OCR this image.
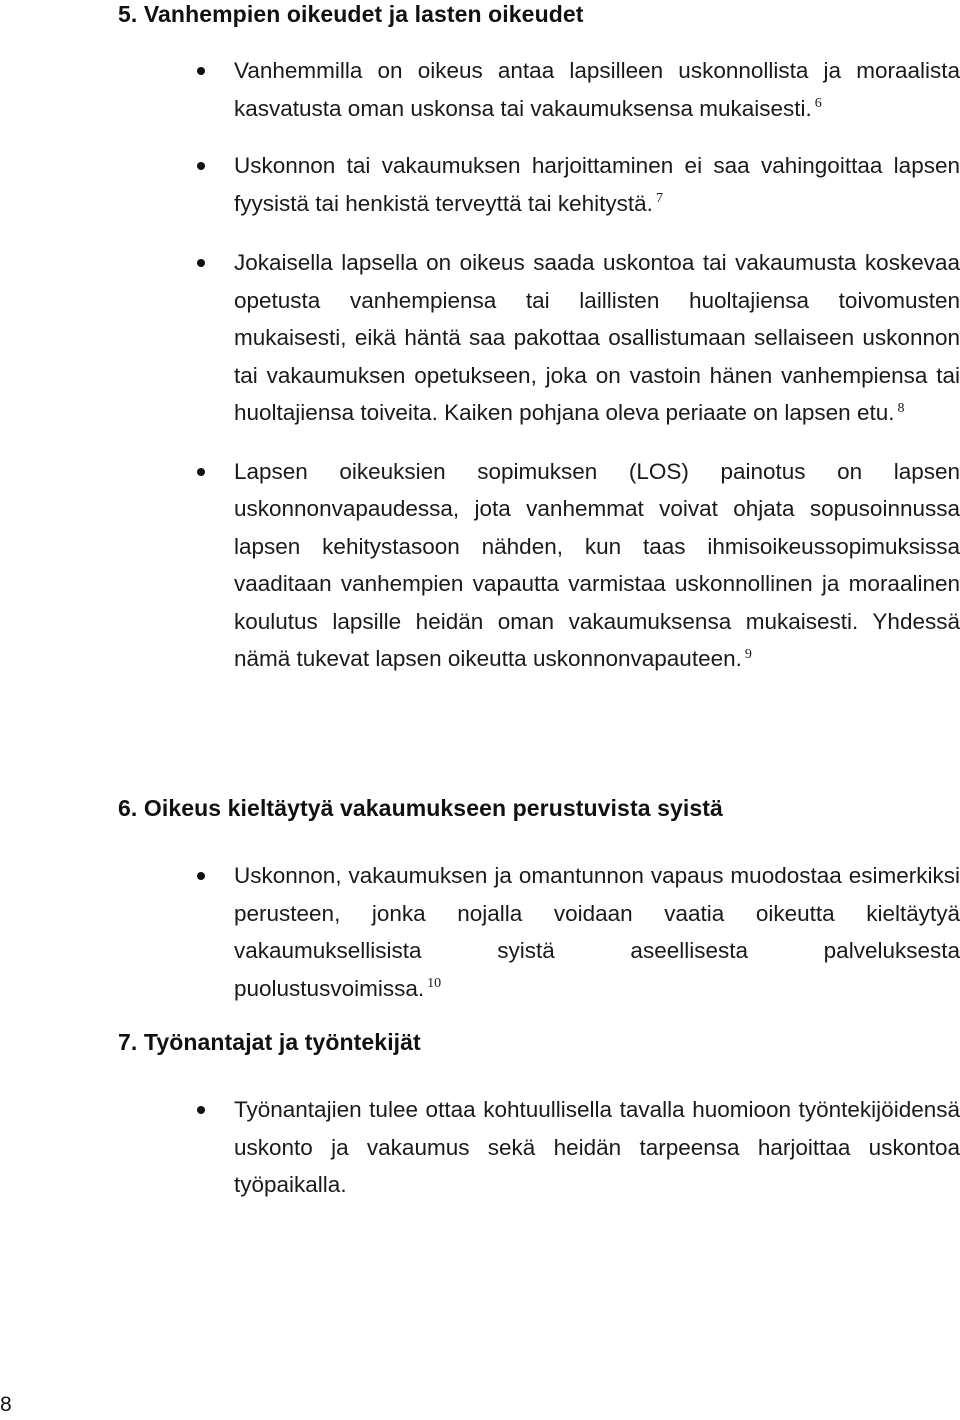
5. Vanhempien oikeudet ja lasten oikeudet
Vanhemmilla on oikeus antaa lapsilleen uskonnollista ja moraalista kasvatusta oman uskonsa tai vakaumuksensa mukaisesti. $^6$
Uskonnon tai vakaumuksen harjoittaminen ei saa vahingoittaa lapsen fyysistä tai henkistä terveyttä tai kehitystä. $^7$
Jokaisella lapsella on oikeus saada uskontoa tai vakaumusta koskevaa opetusta vanhempiensa tai laillisten huoltajiensa toivomusten mukaisesti, eikä häntä saa pakottaa osallistumaan sellaiseen uskonnon tai vakaumuksen opetukseen, joka on vastoin hänen vanhempiensa tai huoltajiensa toiveita. Kaiken pohjana oleva periaate on lapsen etu. $^8$
Lapsen oikeuksien sopimuksen (LOS) painotus on lapsen uskonnonvapaudessa, jota vanhemmat voivat ohjata sopusoinnussa lapsen kehitystasoon nähden, kun taas ihmisoikeussopimuksissa vaaditaan vanhempien vapautta varmistaa uskonnollinen ja moraalinen koulutus lapsille heidän oman vakaumuksensa mukaisesti. Yhdessä nämä tukevat lapsen oikeutta uskonnonvapauteen. $^9$
6. Oikeus kieltäytyä vakaumukseen perustuvista syistä
Uskonnon, vakaumuksen ja omantunnon vapaus muodostaa esimerkiksi perusteen, jonka nojalla voidaan vaatia oikeutta kieltäytyä vakaumuksellisista syistä aseellisesta palveluksesta puolustusvoimissa. $^{10}$
7. Työnantajat ja työntekijät
Työnantajien tulee ottaa kohtuullisella tavalla huomioon työntekijöidensä uskonto ja vakaumus sekä heidän tarpeensa harjoittaa uskontoa työpaikalla.
8
